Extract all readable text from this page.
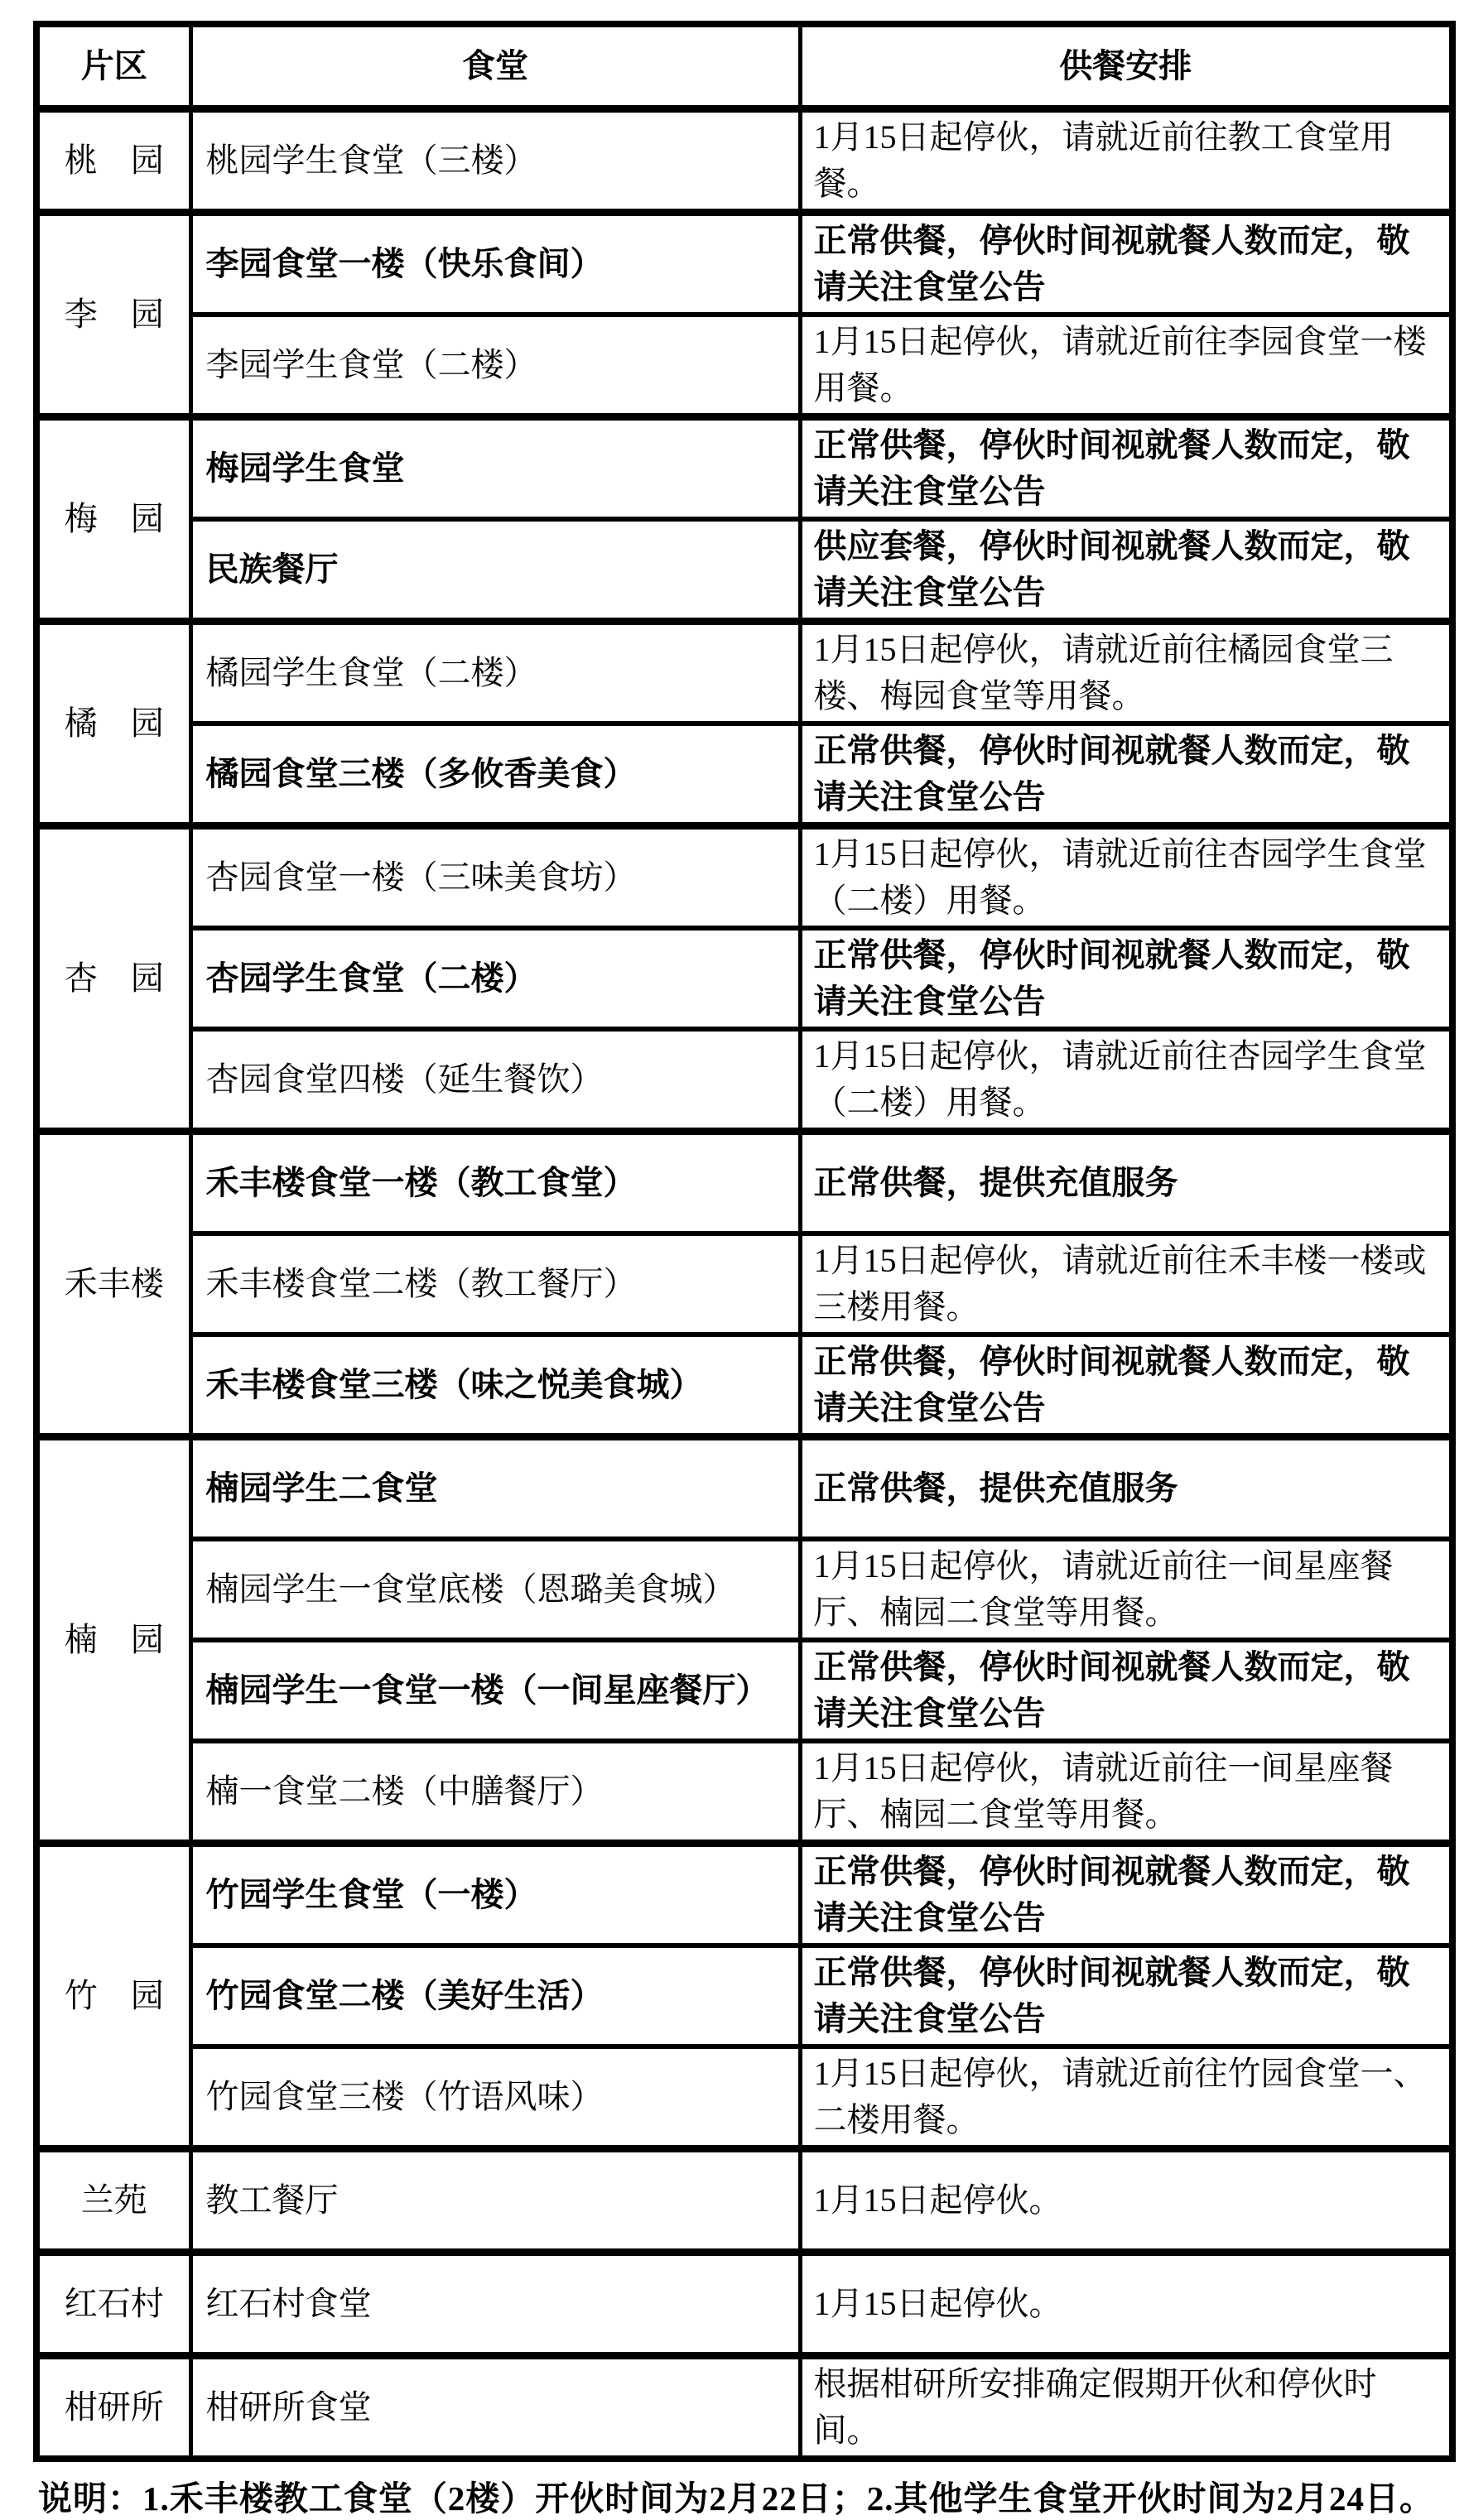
片区	食堂	供餐安排
桃　园	桃园学生食堂（三楼）	1月15日起停伙，请就近前往教工食堂用餐。
李　园	李园食堂一楼（快乐食间）	正常供餐，停伙时间视就餐人数而定，敬请关注食堂公告
	李园学生食堂（二楼）	1月15日起停伙，请就近前往李园食堂一楼用餐。
梅　园	梅园学生食堂	正常供餐，停伙时间视就餐人数而定，敬请关注食堂公告
	民族餐厅	供应套餐，停伙时间视就餐人数而定，敬请关注食堂公告
橘　园	橘园学生食堂（二楼）	1月15日起停伙，请就近前往橘园食堂三楼、梅园食堂等用餐。
	橘园食堂三楼（多攸香美食）	正常供餐，停伙时间视就餐人数而定，敬请关注食堂公告
杏　园	杏园食堂一楼（三味美食坊）	1月15日起停伙，请就近前往杏园学生食堂（二楼）用餐。
	杏园学生食堂（二楼）	正常供餐，停伙时间视就餐人数而定，敬请关注食堂公告
	杏园食堂四楼（延生餐饮）	1月15日起停伙，请就近前往杏园学生食堂（二楼）用餐。
禾丰楼	禾丰楼食堂一楼（教工食堂）	正常供餐，提供充值服务
	禾丰楼食堂二楼（教工餐厅）	1月15日起停伙，请就近前往禾丰楼一楼或三楼用餐。
	禾丰楼食堂三楼（味之悦美食城）	正常供餐，停伙时间视就餐人数而定，敬请关注食堂公告
楠　园	楠园学生二食堂	正常供餐，提供充值服务
	楠园学生一食堂底楼（恩璐美食城）	1月15日起停伙，请就近前往一间星座餐厅、楠园二食堂等用餐。
	楠园学生一食堂一楼（一间星座餐厅）	正常供餐，停伙时间视就餐人数而定，敬请关注食堂公告
	楠一食堂二楼（中膳餐厅）	1月15日起停伙，请就近前往一间星座餐厅、楠园二食堂等用餐。
竹　园	竹园学生食堂（一楼）	正常供餐，停伙时间视就餐人数而定，敬请关注食堂公告
	竹园食堂二楼（美好生活）	正常供餐，停伙时间视就餐人数而定，敬请关注食堂公告
	竹园食堂三楼（竹语风味）	1月15日起停伙，请就近前往竹园食堂一、二楼用餐。
兰苑	教工餐厅	1月15日起停伙。
红石村	红石村食堂	1月15日起停伙。
柑研所	柑研所食堂	根据柑研所安排确定假期开伙和停伙时间。
说明：1.禾丰楼教工食堂（2楼）开伙时间为2月22日；2.其他学生食堂开伙时间为2月24日。
